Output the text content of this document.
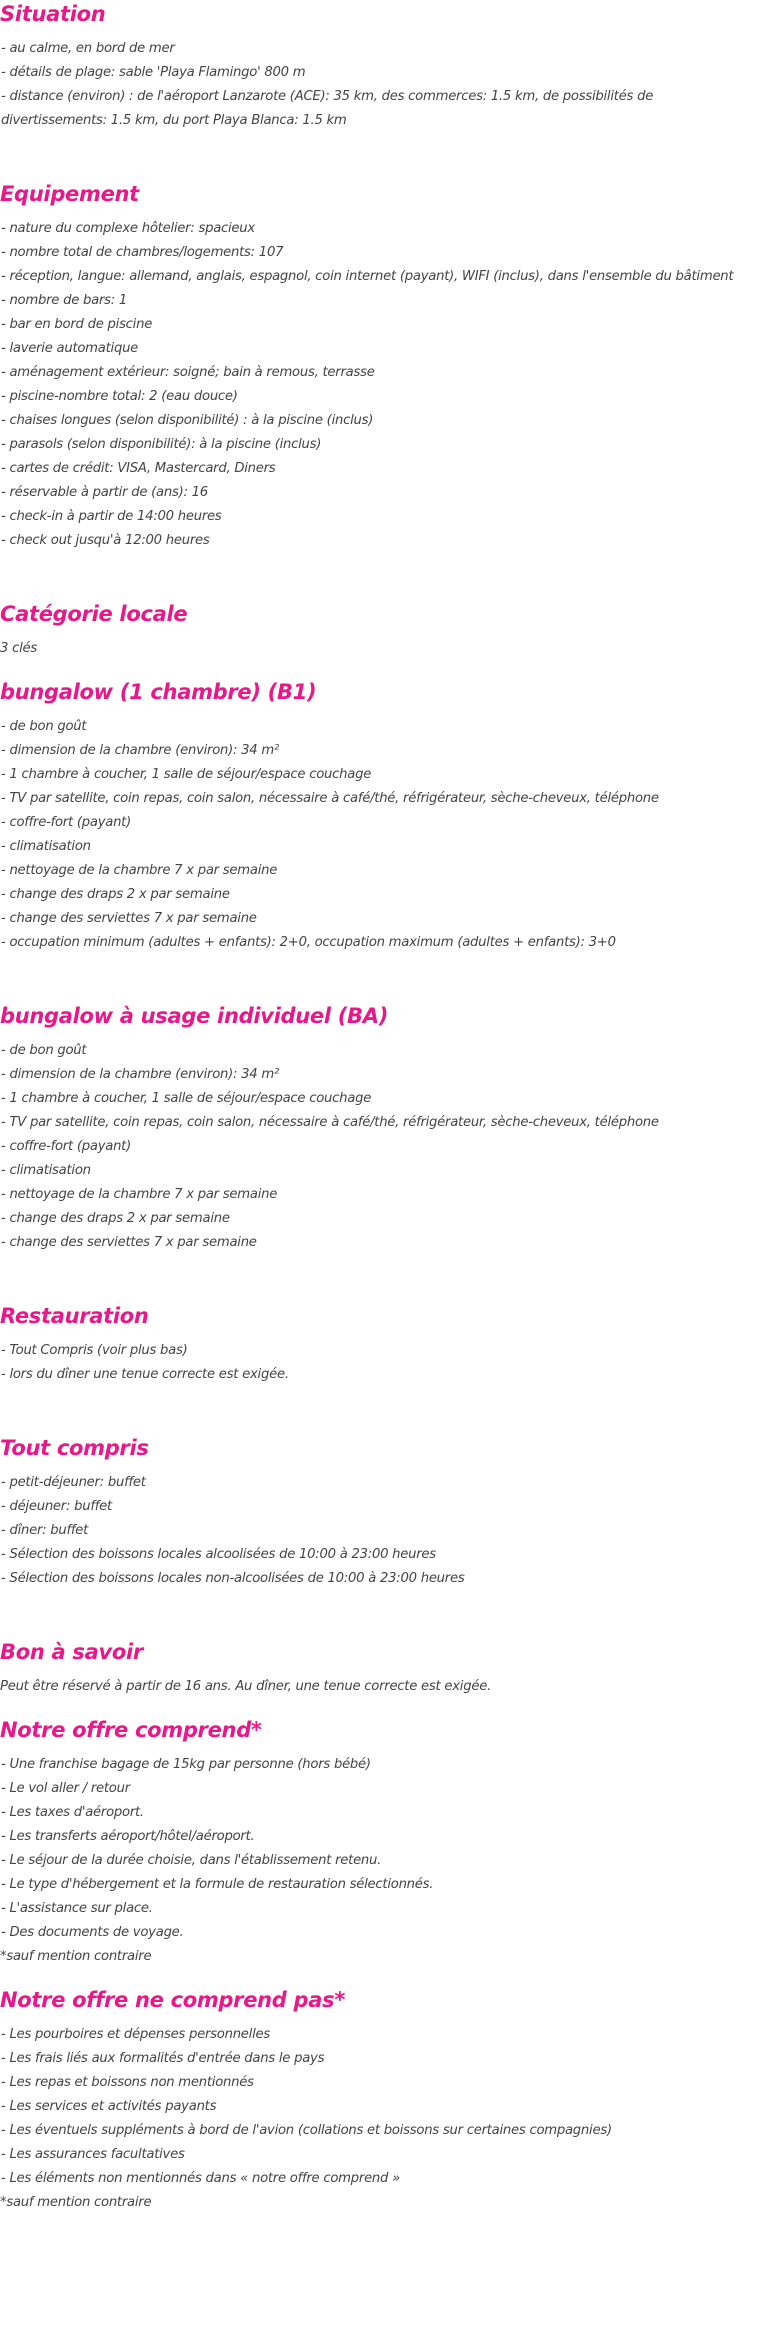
Situation

- au calme, en bord de mer

- détails de plage: sable 'Playa Flamingo' 800 m

- distance (environ) : de l'aéroport Lanzarote (ACE): 35 km, des commerces: 1.5 km, de possibilités de divertissements: 1.5 km, du port Playa Blanca: 1.5 km

Equipement

- nature du complexe hôtelier: spacieux

- nombre total de chambres/logements: 107

- réception, langue: allemand, anglais, espagnol, coin internet (payant), WIFI (inclus), dans l'ensemble du bâtiment

- nombre de bars: 1

- bar en bord de piscine

- laverie automatique

- aménagement extérieur: soigné; bain à remous, terrasse

- piscine-nombre total: 2 (eau douce)

- chaises longues (selon disponibilité) : à la piscine (inclus)

- parasols (selon disponibilité): à la piscine (inclus)

- cartes de crédit: VISA, Mastercard, Diners

- réservable à partir de (ans): 16

- check-in à partir de 14:00 heures

- check out jusqu'à 12:00 heures

Catégorie locale

3 clés

bungalow (1 chambre) (B1)

- de bon goût

- dimension de la chambre (environ): 34 m²

- 1 chambre à coucher, 1 salle de séjour/espace couchage

- TV par satellite, coin repas, coin salon, nécessaire à café/thé, réfrigérateur, sèche-cheveux, téléphone

- coffre-fort (payant)

- climatisation

- nettoyage de la chambre 7 x par semaine

- change des draps 2 x par semaine

- change des serviettes 7 x par semaine

- occupation minimum (adultes + enfants): 2+0, occupation maximum (adultes + enfants): 3+0

bungalow à usage individuel (BA)

- de bon goût

- dimension de la chambre (environ): 34 m²

- 1 chambre à coucher, 1 salle de séjour/espace couchage

- TV par satellite, coin repas, coin salon, nécessaire à café/thé, réfrigérateur, sèche-cheveux, téléphone

- coffre-fort (payant)

- climatisation

- nettoyage de la chambre 7 x par semaine

- change des draps 2 x par semaine

- change des serviettes 7 x par semaine

Restauration

- Tout Compris (voir plus bas)

- lors du dîner une tenue correcte est exigée.

Tout compris

- petit-déjeuner: buffet

- déjeuner: buffet

- dîner: buffet

- Sélection des boissons locales alcoolisées de 10:00 à 23:00 heures

- Sélection des boissons locales non-alcoolisées de 10:00 à 23:00 heures

Bon à savoir

Peut être réservé à partir de 16 ans. Au dîner, une tenue correcte est exigée.

Notre offre comprend*

- Une franchise bagage de 15kg par personne (hors bébé)

- Le vol aller / retour

- Les taxes d'aéroport.

- Les transferts aéroport/hôtel/aéroport.

- Le séjour de la durée choisie, dans l'établissement retenu.

- Le type d'hébergement et la formule de restauration sélectionnés.

- L'assistance sur place.

- Des documents de voyage.

*sauf mention contraire

Notre offre ne comprend pas*

- Les pourboires et dépenses personnelles

- Les frais liés aux formalités d'entrée dans le pays

- Les repas et boissons non mentionnés

- Les services et activités payants

- Les éventuels suppléments à bord de l'avion (collations et boissons sur certaines compagnies)

- Les assurances facultatives

- Les éléments non mentionnés dans « notre offre comprend »

*sauf mention contraire
